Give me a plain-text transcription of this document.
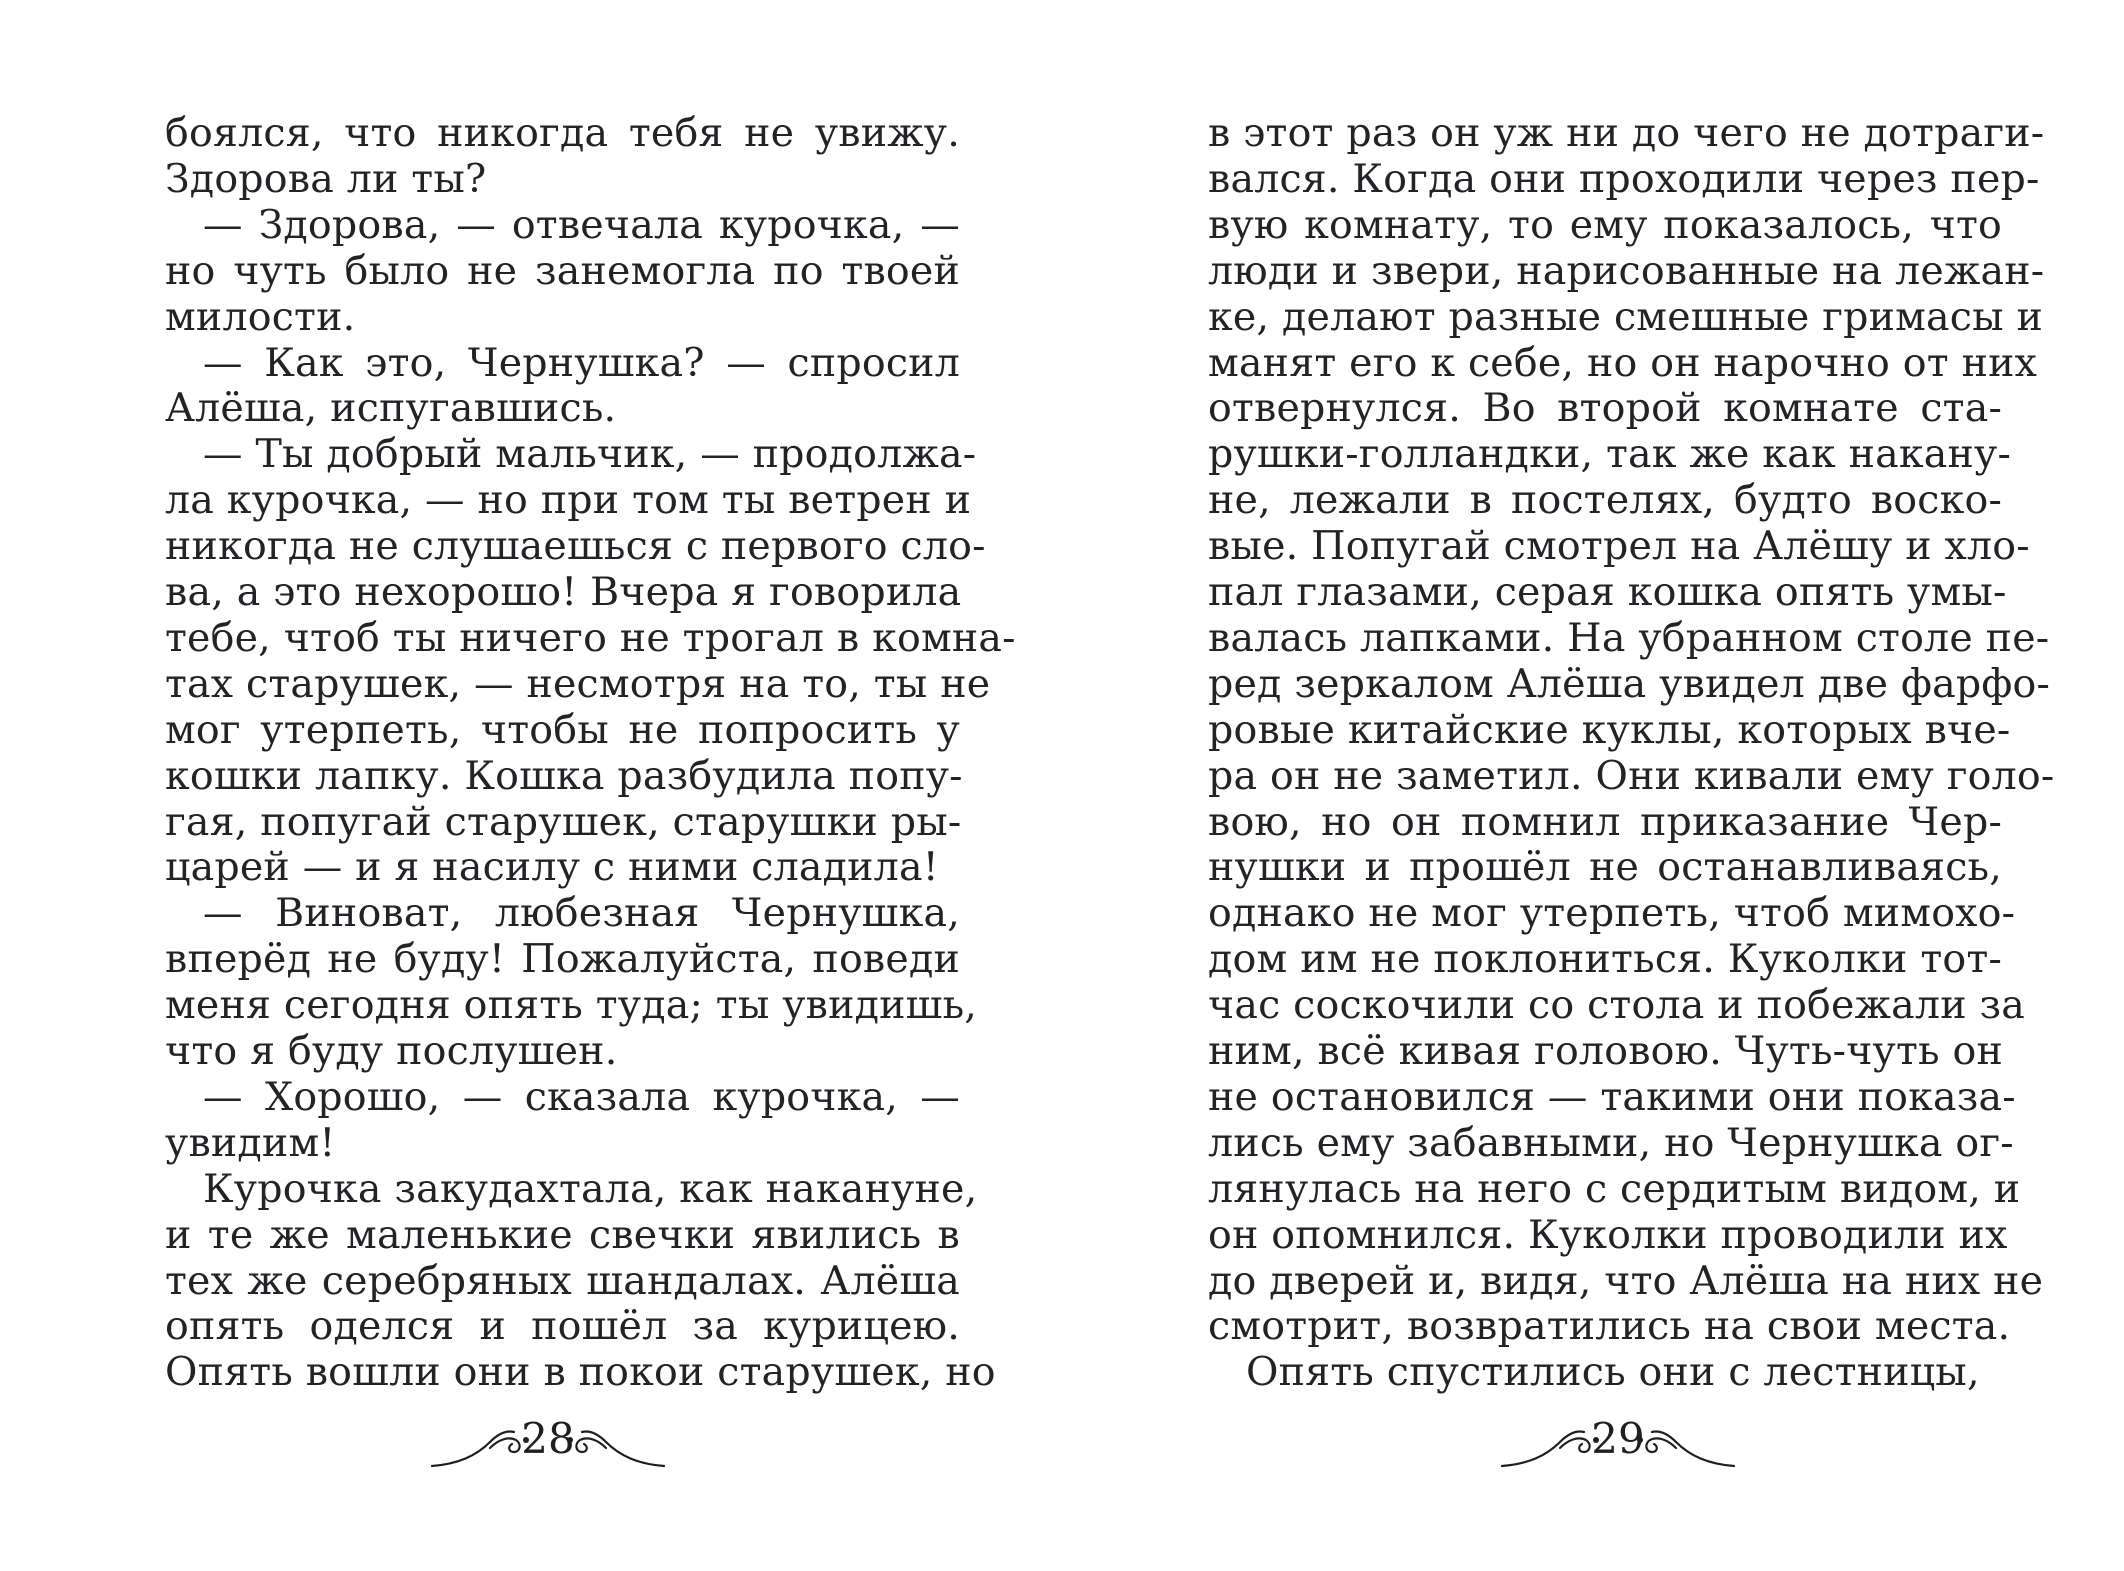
боялся, что никогда тебя не увижу.
Здорова ли ты?
— Здорова, — отвечала курочка, —
но чуть было не занемогла по твоей
милости.
— Как это, Чернушка? — спросил
Алёша, испугавшись.
— Ты добрый мальчик, — продолжа-
ла курочка, — но при том ты ветрен и
никогда не слушаешься с первого сло-
ва, а это нехорошо! Вчера я говорила
тебе, чтоб ты ничего не трогал в комна-
тах старушек, — несмотря на то, ты не
мог утерпеть, чтобы не попросить у
кошки лапку. Кошка разбудила попу-
гая, попугай старушек, старушки ры-
царей — и я насилу с ними сладила!
— Виноват, любезная Чернушка,
вперёд не буду! Пожалуйста, поведи
меня сегодня опять туда; ты увидишь,
что я буду послушен.
— Хорошо, — сказала курочка, —
увидим!
Курочка закудахтала, как накануне,
и те же маленькие свечки явились в
тех же серебряных шандалах. Алёша
опять оделся и пошёл за курицею.
Опять вошли они в покои старушек, но
28
в этот раз он уж ни до чего не дотраги-
вался. Когда они проходили через пер-
вую комнату, то ему показалось, что
люди и звери, нарисованные на лежан-
ке, делают разные смешные гримасы и
манят его к себе, но он нарочно от них
отвернулся. Во второй комнате ста-
рушки-голландки, так же как накану-
не, лежали в постелях, будто воско-
вые. Попугай смотрел на Алёшу и хло-
пал глазами, серая кошка опять умы-
валась лапками. На убранном столе пе-
ред зеркалом Алёша увидел две фарфо-
ровые китайские куклы, которых вче-
ра он не заметил. Они кивали ему голо-
вою, но он помнил приказание Чер-
нушки и прошёл не останавливаясь,
однако не мог утерпеть, чтоб мимохо-
дом им не поклониться. Куколки тот-
час соскочили со стола и побежали за
ним, всё кивая головою. Чуть-чуть он
не остановился — такими они показа-
лись ему забавными, но Чернушка ог-
лянулась на него с сердитым видом, и
он опомнился. Куколки проводили их
до дверей и, видя, что Алёша на них не
смотрит, возвратились на свои места.
Опять спустились они с лестницы,
29
